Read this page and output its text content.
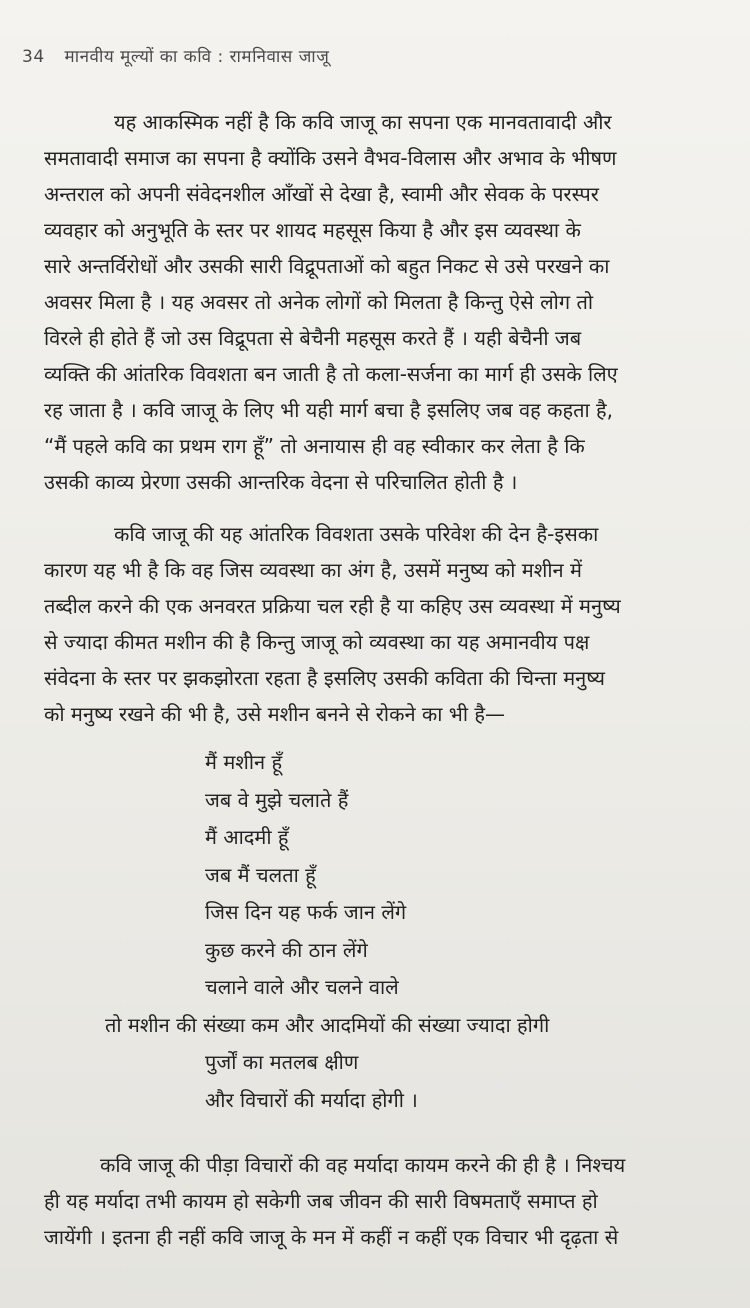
34 मानवीय मूल्यों का कवि : रामनिवास जाजू
यह आकस्मिक नहीं है कि कवि जाजू का सपना एक मानवतावादी और
समतावादी समाज का सपना है क्योंकि उसने वैभव-विलास और अभाव के भीषण
अन्तराल को अपनी संवेदनशील आँखों से देखा है, स्वामी और सेवक के परस्पर
व्यवहार को अनुभूति के स्तर पर शायद महसूस किया है और इस व्यवस्था के
सारे अन्तर्विरोधों और उसकी सारी विद्रूपताओं को बहुत निकट से उसे परखने का
अवसर मिला है । यह अवसर तो अनेक लोगों को मिलता है किन्तु ऐसे लोग तो
विरले ही होते हैं जो उस विद्रूपता से बेचैनी महसूस करते हैं । यही बेचैनी जब
व्यक्ति की आंतरिक विवशता बन जाती है तो कला-सर्जना का मार्ग ही उसके लिए
रह जाता है । कवि जाजू के लिए भी यही मार्ग बचा है इसलिए जब वह कहता है,
“मैं पहले कवि का प्रथम राग हूँ” तो अनायास ही वह स्वीकार कर लेता है कि
उसकी काव्य प्रेरणा उसकी आन्तरिक वेदना से परिचालित होती है ।
कवि जाजू की यह आंतरिक विवशता उसके परिवेश की देन है-इसका
कारण यह भी है कि वह जिस व्यवस्था का अंग है, उसमें मनुष्य को मशीन में
तब्दील करने की एक अनवरत प्रक्रिया चल रही है या कहिए उस व्यवस्था में मनुष्य
से ज्यादा कीमत मशीन की है किन्तु जाजू को व्यवस्था का यह अमानवीय पक्ष
संवेदना के स्तर पर झकझोरता रहता है इसलिए उसकी कविता की चिन्ता मनुष्य
को मनुष्य रखने की भी है, उसे मशीन बनने से रोकने का भी है—
मैं मशीन हूँ
जब वे मुझे चलाते हैं
मैं आदमी हूँ
जब मैं चलता हूँ
जिस दिन यह फर्क जान लेंगे
कुछ करने की ठान लेंगे
चलाने वाले और चलने वाले
तो मशीन की संख्या कम और आदमियों की संख्या ज्यादा होगी
पुर्जों का मतलब क्षीण
और विचारों की मर्यादा होगी ।
कवि जाजू की पीड़ा विचारों की वह मर्यादा कायम करने की ही है । निश्चय
ही यह मर्यादा तभी कायम हो सकेगी जब जीवन की सारी विषमताएँ समाप्त हो
जायेंगी । इतना ही नहीं कवि जाजू के मन में कहीं न कहीं एक विचार भी दृढ़ता से
